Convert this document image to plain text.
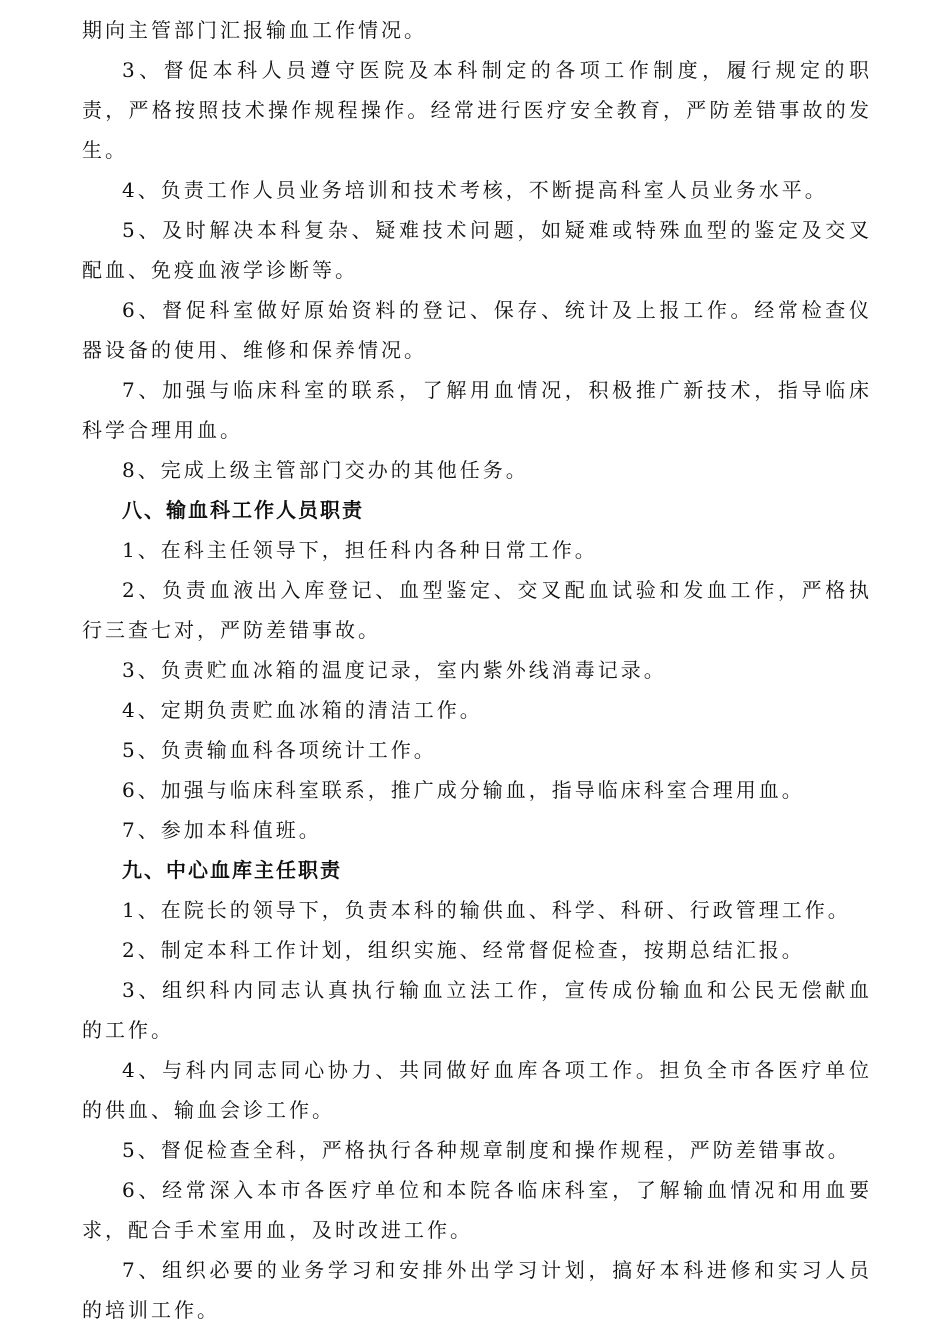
期向主管部门汇报输血工作情况。

3、督促本科人员遵守医院及本科制定的各项工作制度，履行规定的职责，严格按照技术操作规程操作。经常进行医疗安全教育，严防差错事故的发生。

4、负责工作人员业务培训和技术考核，不断提高科室人员业务水平。

5、及时解决本科复杂、疑难技术问题，如疑难或特殊血型的鉴定及交叉配血、免疫血液学诊断等。

6、督促科室做好原始资料的登记、保存、统计及上报工作。经常检查仪器设备的使用、维修和保养情况。

7、加强与临床科室的联系，了解用血情况，积极推广新技术，指导临床科学合理用血。

8、完成上级主管部门交办的其他任务。

八、输血科工作人员职责

1、在科主任领导下，担任科内各种日常工作。

2、负责血液出入库登记、血型鉴定、交叉配血试验和发血工作，严格执行三查七对，严防差错事故。

3、负责贮血冰箱的温度记录，室内紫外线消毒记录。

4、定期负责贮血冰箱的清洁工作。

5、负责输血科各项统计工作。

6、加强与临床科室联系，推广成分输血，指导临床科室合理用血。

7、参加本科值班。

九、中心血库主任职责

1、在院长的领导下，负责本科的输供血、科学、科研、行政管理工作。

2、制定本科工作计划，组织实施、经常督促检查，按期总结汇报。

3、组织科内同志认真执行输血立法工作，宣传成份输血和公民无偿献血的工作。

4、与科内同志同心协力、共同做好血库各项工作。担负全市各医疗单位的供血、输血会诊工作。

5、督促检查全科，严格执行各种规章制度和操作规程，严防差错事故。

6、经常深入本市各医疗单位和本院各临床科室，了解输血情况和用血要求，配合手术室用血，及时改进工作。

7、组织必要的业务学习和安排外出学习计划，搞好本科进修和实习人员的培训工作。
